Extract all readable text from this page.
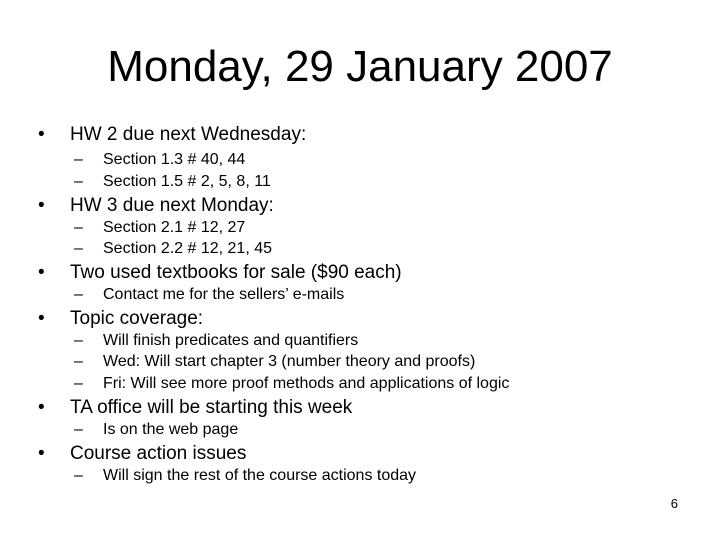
Monday, 29 January 2007
• HW 2 due next Wednesday:
– Section 1.3 # 40, 44
– Section 1.5 # 2, 5, 8, 11
• HW 3 due next Monday:
– Section 2.1 # 12, 27
– Section 2.2 # 12, 21, 45
• Two used textbooks for sale ($90 each)
– Contact me for the sellers’ e-mails
• Topic coverage:
– Will finish predicates and quantifiers
– Wed: Will start chapter 3 (number theory and proofs)
– Fri: Will see more proof methods and applications of logic
• TA office will be starting this week
– Is on the web page
• Course action issues
– Will sign the rest of the course actions today
6
